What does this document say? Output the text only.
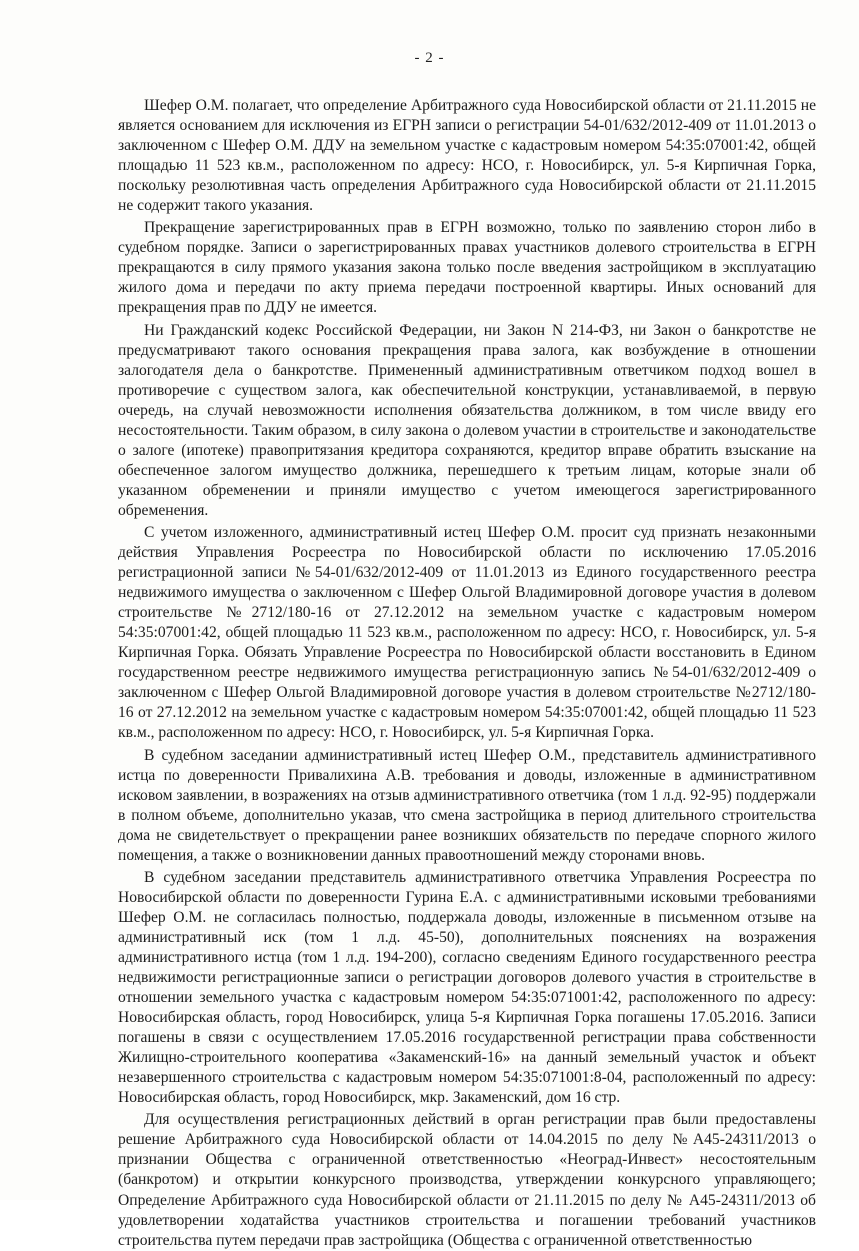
- 2 -

Шефер О.М. полагает, что определение Арбитражного суда Новосибирской области от 21.11.2015 не является основанием для исключения из ЕГРН записи о регистрации 54-01/632/2012-409 от 11.01.2013 о заключенном с Шефер О.М. ДДУ на земельном участке с кадастровым номером 54:35:07001:42, общей площадью 11 523 кв.м., расположенном по адресу: НСО, г. Новосибирск, ул. 5-я Кирпичная Горка, поскольку резолютивная часть определения Арбитражного суда Новосибирской области от 21.11.2015 не содержит такого указания.

Прекращение зарегистрированных прав в ЕГРН возможно, только по заявлению сторон либо в судебном порядке. Записи о зарегистрированных правах участников долевого строительства в ЕГРН прекращаются в силу прямого указания закона только после введения застройщиком в эксплуатацию жилого дома и передачи по акту приема передачи построенной квартиры. Иных оснований для прекращения прав по ДДУ не имеется.

Ни Гражданский кодекс Российской Федерации, ни Закон N 214-ФЗ, ни Закон о банкротстве не предусматривают такого основания прекращения права залога, как возбуждение в отношении залогодателя дела о банкротстве. Примененный административным ответчиком подход вошел в противоречие с существом залога, как обеспечительной конструкции, устанавливаемой, в первую очередь, на случай невозможности исполнения обязательства должником, в том числе ввиду его несостоятельности. Таким образом, в силу закона о долевом участии в строительстве и законодательстве о залоге (ипотеке) правопритязания кредитора сохраняются, кредитор вправе обратить взыскание на обеспеченное залогом имущество должника, перешедшего к третьим лицам, которые знали об указанном обременении и приняли имущество с учетом имеющегося зарегистрированного обременения.

С учетом изложенного, административный истец Шефер О.М. просит суд признать незаконными действия Управления Росреестра по Новосибирской области по исключению 17.05.2016 регистрационной записи №54-01/632/2012-409 от 11.01.2013 из Единого государственного реестра недвижимого имущества о заключенном с Шефер Ольгой Владимировной договоре участия в долевом строительстве №2712/180-16 от 27.12.2012 на земельном участке с кадастровым номером 54:35:07001:42, общей площадью 11 523 кв.м., расположенном по адресу: НСО, г. Новосибирск, ул. 5-я Кирпичная Горка. Обязать Управление Росреестра по Новосибирской области восстановить в Едином государственном реестре недвижимого имущества регистрационную запись №54-01/632/2012-409 о заключенном с Шефер Ольгой Владимировной договоре участия в долевом строительстве №2712/180-16 от 27.12.2012 на земельном участке с кадастровым номером 54:35:07001:42, общей площадью 11 523 кв.м., расположенном по адресу: НСО, г. Новосибирск, ул. 5-я Кирпичная Горка.

В судебном заседании административный истец Шефер О.М., представитель административного истца по доверенности Привалихина А.В. требования и доводы, изложенные в административном исковом заявлении, в возражениях на отзыв административного ответчика (том 1 л.д. 92-95) поддержали в полном объеме, дополнительно указав, что смена застройщика в период длительного строительства дома не свидетельствует о прекращении ранее возникших обязательств по передаче спорного жилого помещения, а также о возникновении данных правоотношений между сторонами вновь.

В судебном заседании представитель административного ответчика Управления Росреестра по Новосибирской области по доверенности Гурина Е.А. с административными исковыми требованиями Шефер О.М. не согласилась полностью, поддержала доводы, изложенные в письменном отзыве на административный иск (том 1 л.д. 45-50), дополнительных пояснениях на возражения административного истца (том 1 л.д. 194-200), согласно сведениям Единого государственного реестра недвижимости регистрационные записи о регистрации договоров долевого участия в строительстве в отношении земельного участка с кадастровым номером 54:35:071001:42, расположенного по адресу: Новосибирская область, город Новосибирск, улица 5-я Кирпичная Горка погашены 17.05.2016. Записи погашены в связи с осуществлением 17.05.2016 государственной регистрации права собственности Жилищно-строительного кооператива «Закаменский-16» на данный земельный участок и объект незавершенного строительства с кадастровым номером 54:35:071001:8-04, расположенный по адресу: Новосибирская область, город Новосибирск, мкр. Закаменский, дом 16 стр.

Для осуществления регистрационных действий в орган регистрации прав были предоставлены решение Арбитражного суда Новосибирской области от 14.04.2015 по делу №А45-24311/2013 о признании Общества с ограниченной ответственностью «Неоград-Инвест» несостоятельным (банкротом) и открытии конкурсного производства, утверждении конкурсного управляющего; Определение Арбитражного суда Новосибирской области от 21.11.2015 по делу № А45-24311/2013 об удовлетворении ходатайства участников строительства и погашении требований участников строительства путем передачи прав застройщика (Общества с ограниченной ответственностью
